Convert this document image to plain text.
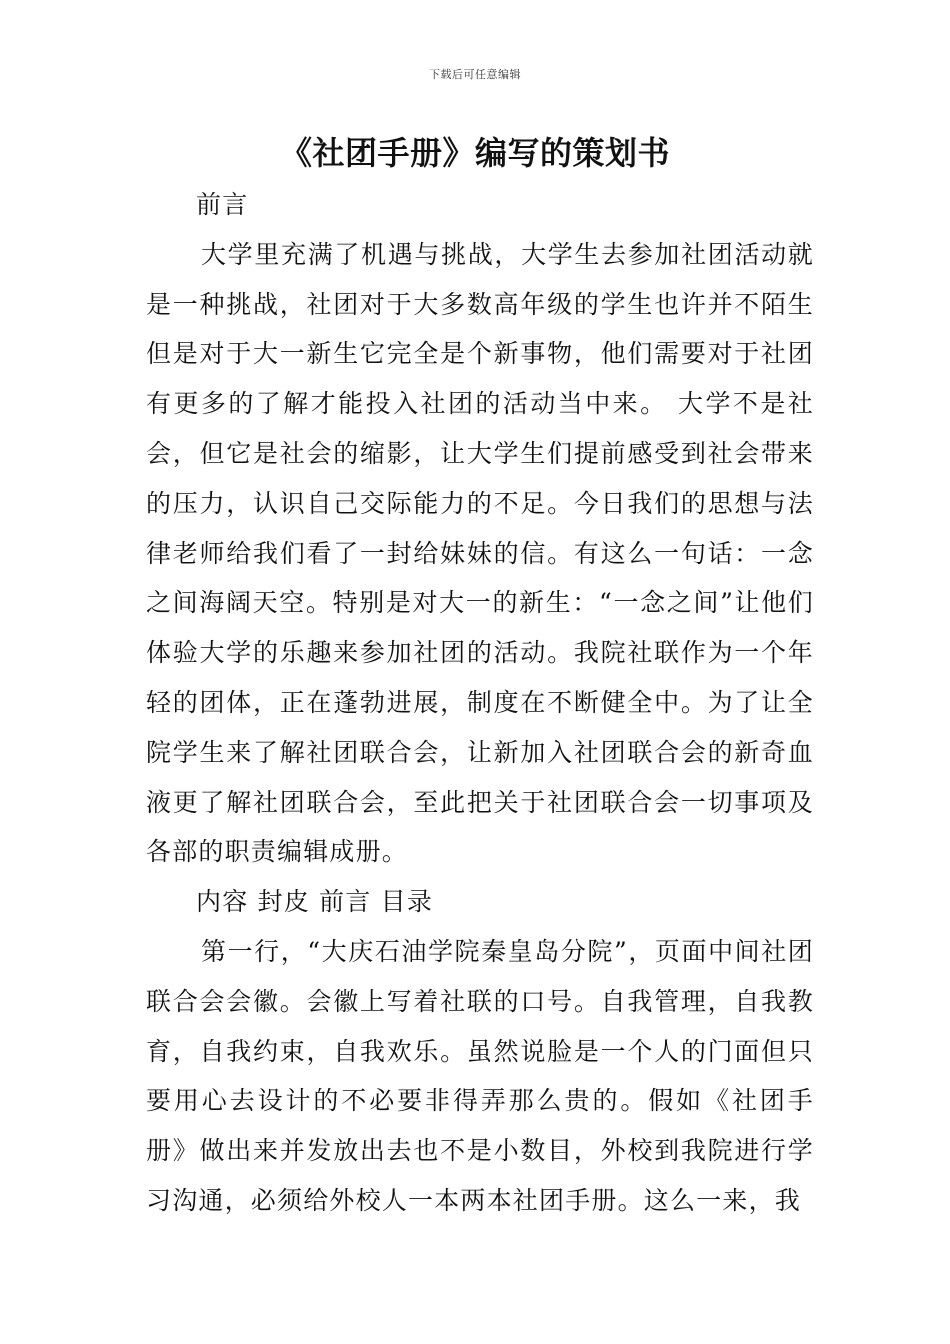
下载后可任意编辑
《社团手册》编写的策划书

前言

大学里充满了机遇与挑战，大学生去参加社团活动就是一种挑战，社团对于大多数高年级的学生也许并不陌生但是对于大一新生它完全是个新事物，他们需要对于社团有更多的了解才能投入社团的活动当中来。 大学不是社会，但它是社会的缩影，让大学生们提前感受到社会带来的压力，认识自己交际能力的不足。今日我们的思想与法律老师给我们看了一封给妹妹的信。有这么一句话：一念之间海阔天空。特别是对大一的新生：“一念之间”让他们体验大学的乐趣来参加社团的活动。我院社联作为一个年轻的团体，正在蓬勃进展，制度在不断健全中。为了让全院学生来了解社团联合会，让新加入社团联合会的新奇血液更了解社团联合会，至此把关于社团联合会一切事项及各部的职责编辑成册。

内容 封皮 前言 目录

第一行，“大庆石油学院秦皇岛分院”，页面中间社团联合会会徽。会徽上写着社联的口号。自我管理，自我教育，自我约束，自我欢乐。虽然说脸是一个人的门面但只要用心去设计的不必要非得弄那么贵的。假如《社团手册》做出来并发放出去也不是小数目，外校到我院进行学习沟通，必须给外校人一本两本社团手册。这么一来，我
